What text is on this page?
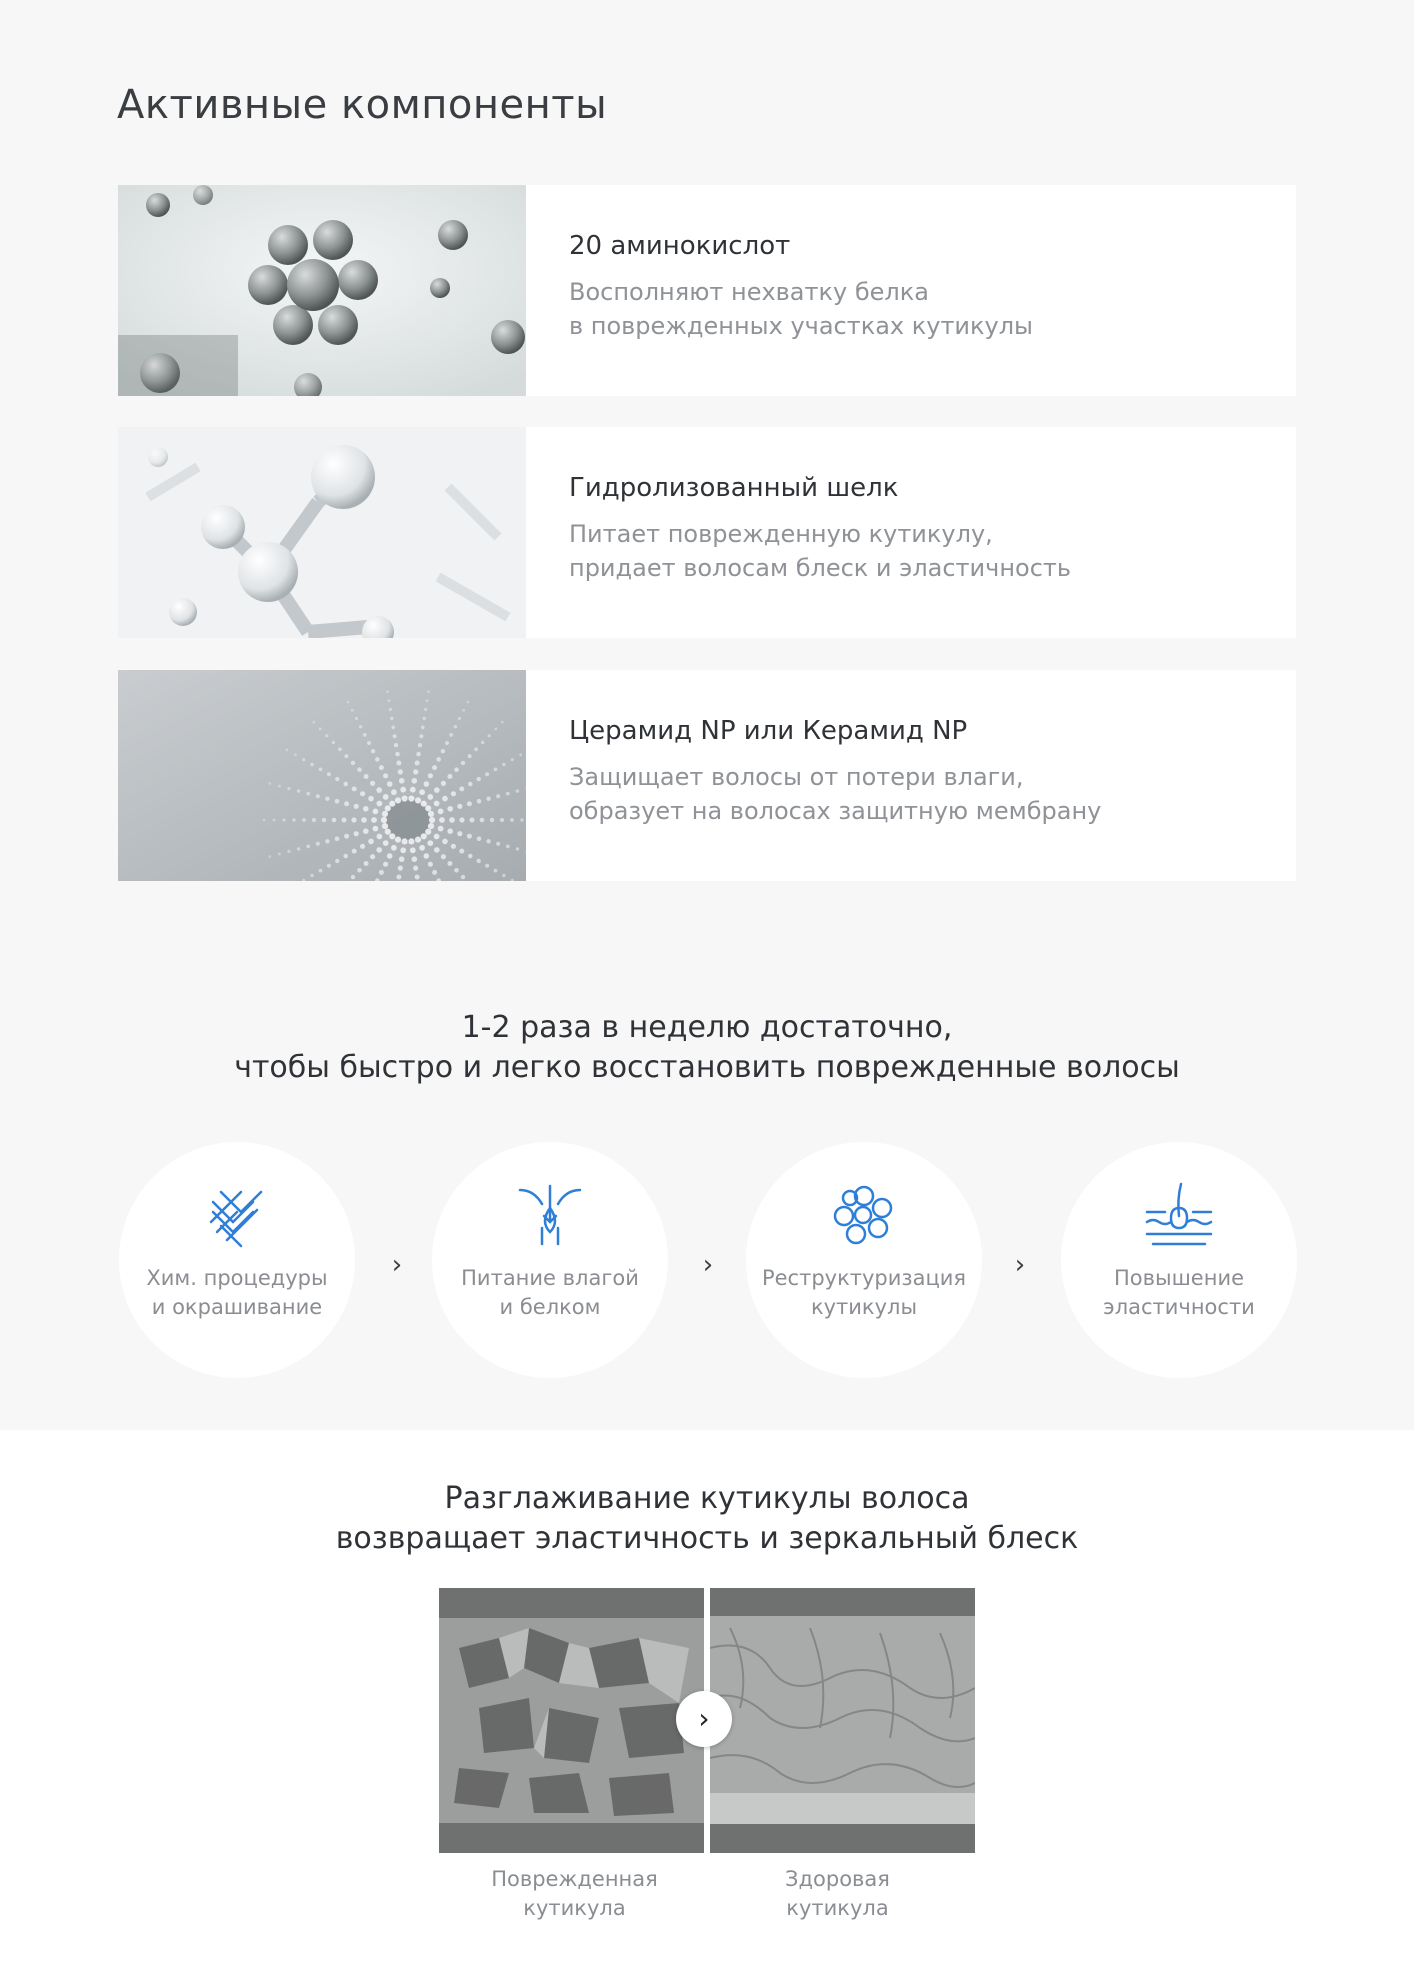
Активные компоненты
20 аминокислот
Восполняют нехватку белка
в поврежденных участках кутикулы
Гидролизованный шелк
Питает поврежденную кутикулу,
придает волосам блеск и эластичность
Церамид NP или Керамид NP
Защищает волосы от потери влаги,
образует на волосах защитную мембрану
1-2 раза в неделю достаточно,
чтобы быстро и легко восстановить поврежденные волосы
Хим. процедуры
и окрашивание
›	Питание влагой
и белком
›	Реструктуризация
кутикулы
›	Повышение
эластичности
Разглаживание кутикулы волоса
возвращает эластичность и зеркальный блеск
›
Поврежденная
кутикула
Здоровая
кутикула
